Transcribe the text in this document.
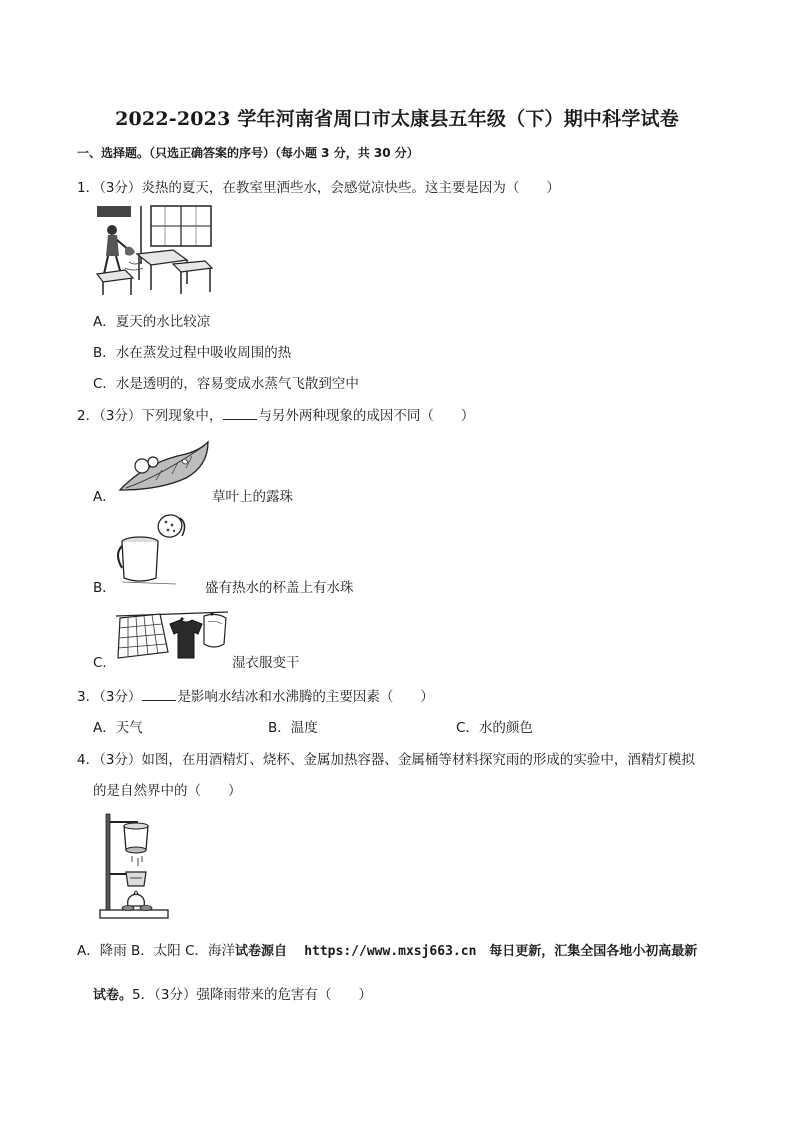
2022-2023 学年河南省周口市太康县五年级（下）期中科学试卷
一、选择题。（只选正确答案的序号）（每小题 3 分，共 30 分）
1．（3分）炎热的夏天，在教室里洒些水，会感觉凉快些。这主要是因为（　　）
A．夏天的水比较凉
B．水在蒸发过程中吸收周围的热
C．水是透明的，容易变成水蒸气飞散到空中
2．（3分）下列现象中，	与另外两种现象的成因不同（　　）
A．	草叶上的露珠
B．	盛有热水的杯盖上有水珠
C．	湿衣服变干
3．（3分）	是影响水结冰和水沸腾的主要因素（　　）
A．天气	B．温度	C．水的颜色
4．（3分）如图，在用酒精灯、烧杯、金属加热容器、金属桶等材料探究雨的形成的实验中，酒精灯模拟
的是自然界中的（　　）
A．降雨 B．太阳 C．海洋试卷源自 https://www.mxsj663.cn 每日更新，汇集全国各地小初高最新
试卷。5．（3分）强降雨带来的危害有（　　）
